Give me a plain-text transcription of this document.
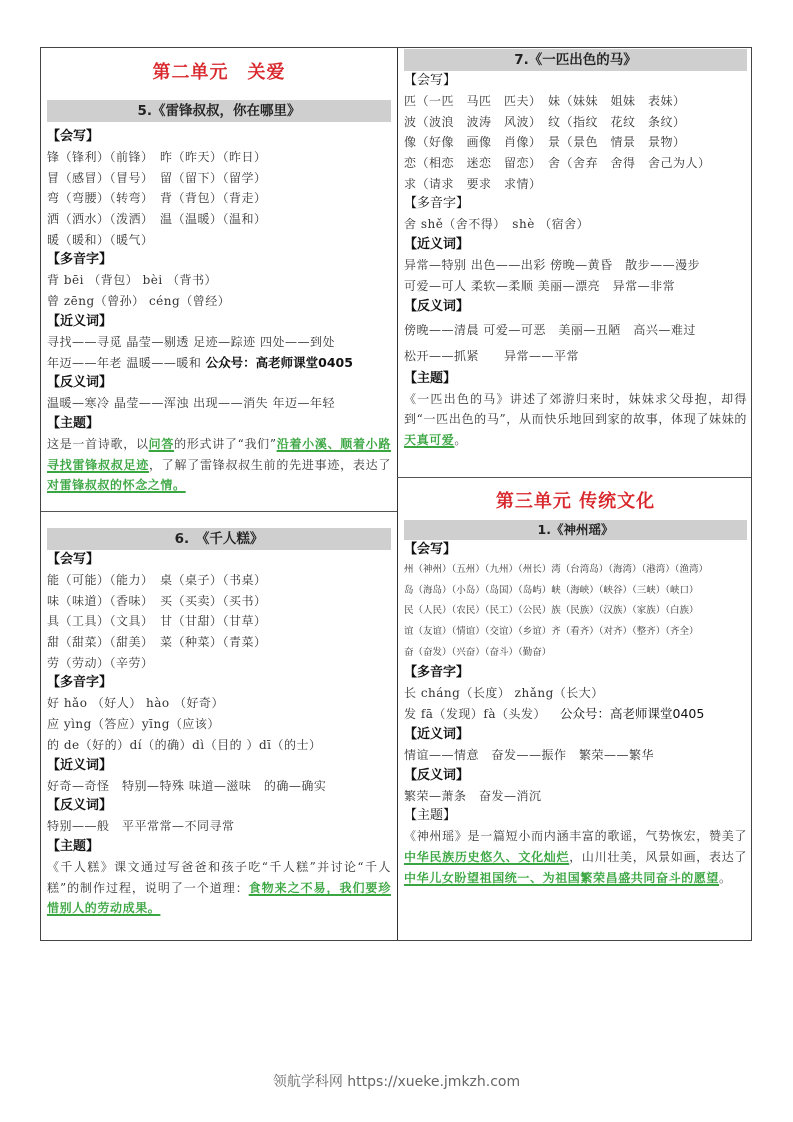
第二单元　关爱
5.《雷锋叔叔，你在哪里》
【会写】
锋（锋利）（前锋）　昨（昨天）（昨日）
冒（感冒）（冒号）　留（留下）（留学）
弯（弯腰）（转弯）　背（背包）（背走）
洒（洒水）（泼洒）　温（温暖）（温和）
暖（暖和）（暖气）
【多音字】
背 bēi （背包） bèi （背书）
曾 zēng（曾孙） céng（曾经）
【近义词】
寻找——寻觅 晶莹—剔透 足迹—踪迹 四处——到处
年迈——年老 温暖——暖和 公众号：高老师课堂0405
【反义词】
温暖—寒冷 晶莹——浑浊 出现——消失 年迈—年轻
【主题】
这是一首诗歌，以问答的形式讲了“我们”沿着小溪、顺着小路寻找雷锋叔叔足迹，了解了雷锋叔叔生前的先进事迹，表达了对雷锋叔叔的怀念之情。
6.　《千人糕》
【会写】
能（可能）（能力）　桌（桌子）（书桌）
味（味道）（香味）　买（买卖）（买书）
具（工具）（文具）　甘（甘甜）（甘草）
甜（甜菜）（甜美）　菜（种菜）（青菜）
劳（劳动）（辛劳）
【多音字】
好 hǎo （好人） hào （好奇）
应 yìng（答应）yīng（应该）
的 de（好的）dí（的确）dì（目的 ）dī（的士）
【近义词】
好奇—奇怪　特别—特殊 味道—滋味　的确—确实
【反义词】
特别——般　平平常常—不同寻常
【主题】
《千人糕》课文通过写爸爸和孩子吃“千人糕”并讨论“千人糕”的制作过程，说明了一个道理：食物来之不易，我们要珍惜别人的劳动成果。
7.《一匹出色的马》
【会写】
匹（一匹　马匹　匹夫）　妹（妹妹　姐妹　表妹）
波（波浪　波涛　风波）　纹（指纹　花纹　条纹）
像（好像　画像　肖像）　景（景色　情景　景物）
恋（相恋　迷恋　留恋）　舍（舍弃　舍得　舍己为人）
求（请求　要求　求情）
【多音字】
舍 shě（舍不得）　shè （宿舍）
【近义词】
异常—特别 出色——出彩 傍晚—黄昏　散步——漫步
可爱—可人 柔软—柔顺 美丽—漂亮　异常—非常
【反义词】
傍晚——清晨 可爱—可恶　美丽—丑陋　高兴—难过
松开——抓紧　　异常——平常
【主题】
《一匹出色的马》讲述了郊游归来时，妹妹求父母抱，却得到“一匹出色的马”，从而快乐地回到家的故事，体现了妹妹的天真可爱。
第三单元 传统文化
1.《神州瑶》
【会写】
州（神州）（五州）（九州）（州长）湾（台湾岛）（海湾）（港湾）（渔湾）
岛（海岛）（小岛）（岛国）（岛屿）峡（海峡）（峡谷）（三峡）（峡口）
民（人民）（农民）（民工）（公民）族（民族）（汉族）（家族）（白族）
谊（友谊）（情谊）（交谊）（乡谊）齐（看齐）（对齐）（整齐）（齐全）
奋（奋发）（兴奋）（奋斗）（勤奋）
【多音字】
长 cháng（长度） zhǎng（长大）
发 fā（发现）fà（头发） 公众号：高老师课堂0405
【近义词】
情谊——情意　奋发——振作　繁荣——繁华
【反义词】
繁荣—萧条　奋发—消沉
【主题】
《神州瑶》是一篇短小而内涵丰富的歌谣，气势恢宏，赞美了中华民族历史悠久、文化灿烂，山川壮美，风景如画，表达了中华儿女盼望祖国统一、为祖国繁荣昌盛共同奋斗的愿望。
领航学科网 https://xueke.jmkzh.com
